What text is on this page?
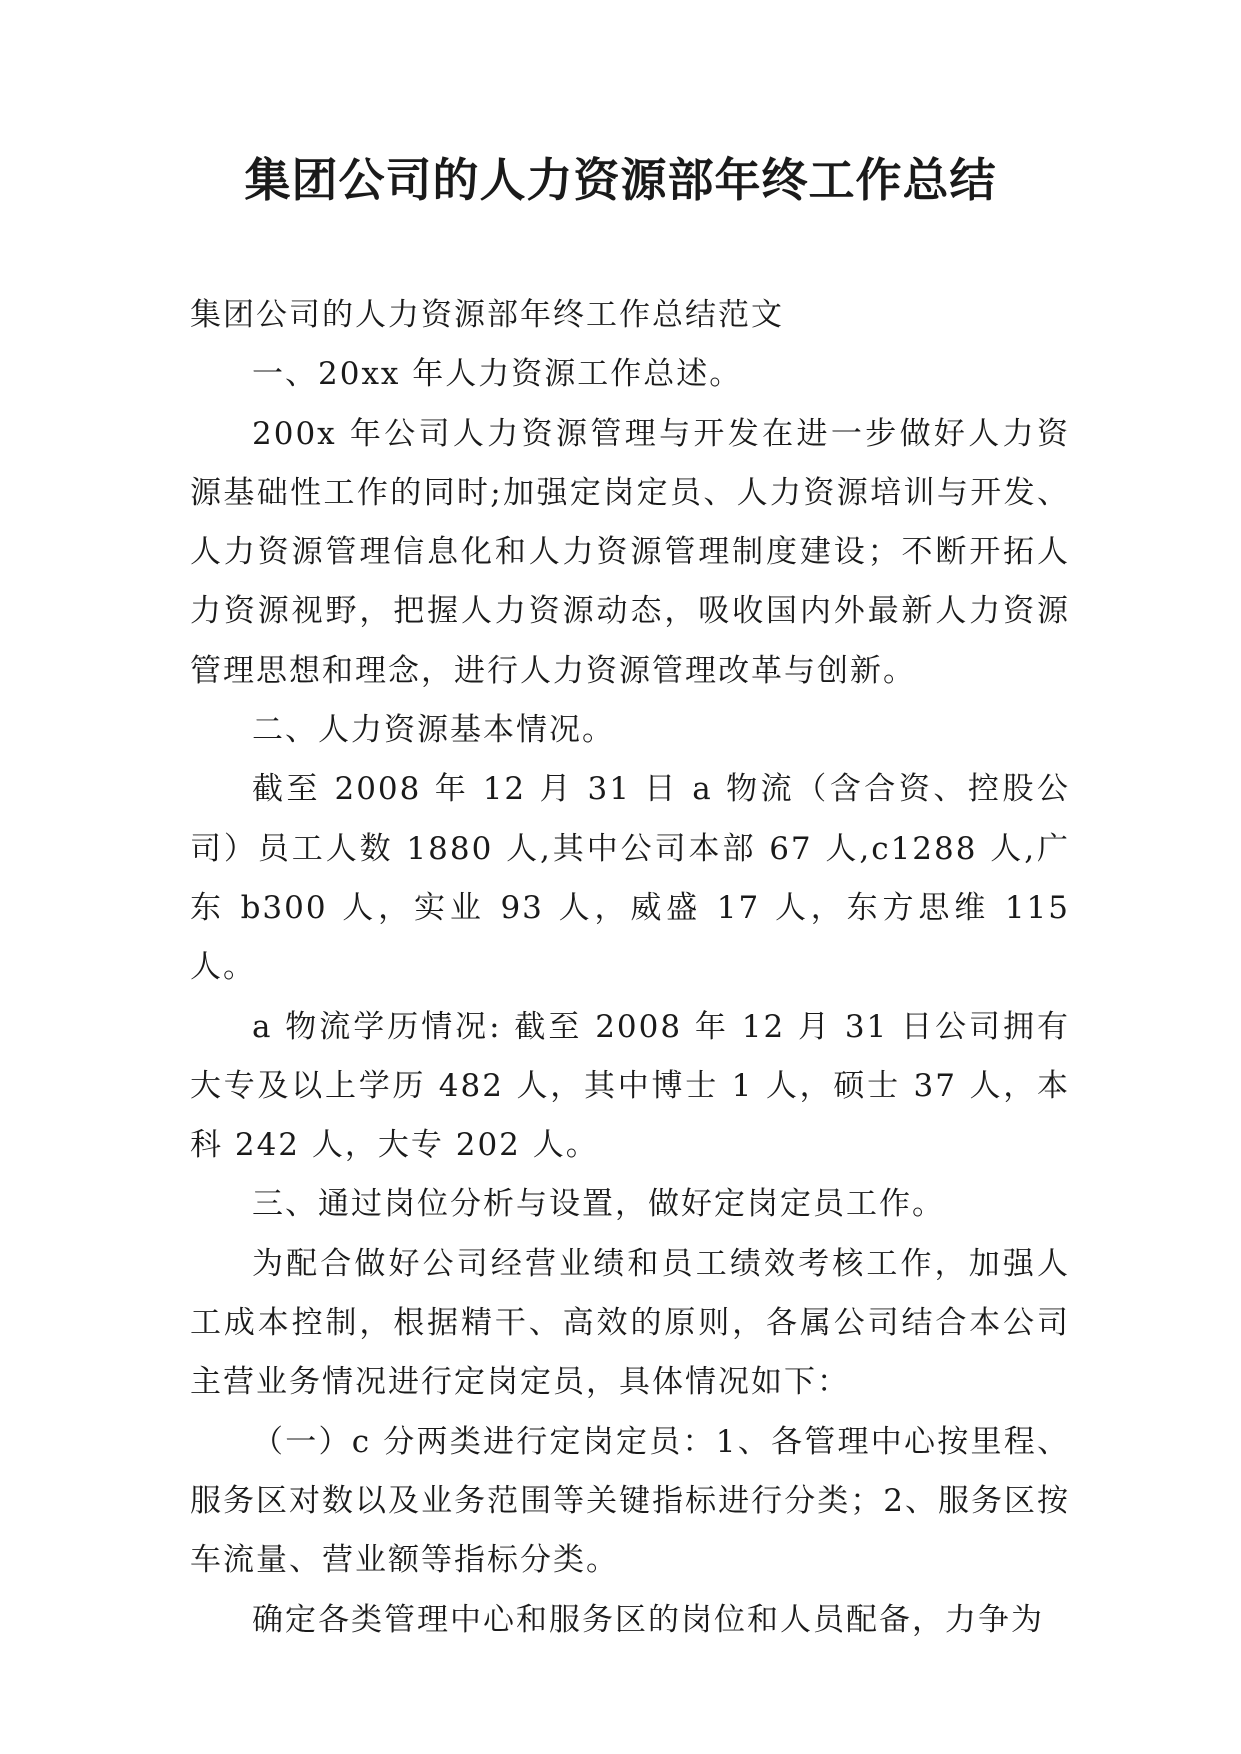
集团公司的人力资源部年终工作总结

集团公司的人力资源部年终工作总结范文

一、20xx 年人力资源工作总述。

200x 年公司人力资源管理与开发在进一步做好人力资源基础性工作的同时;加强定岗定员、人力资源培训与开发、人力资源管理信息化和人力资源管理制度建设；不断开拓人力资源视野，把握人力资源动态，吸收国内外最新人力资源管理思想和理念，进行人力资源管理改革与创新。

二、人力资源基本情况。

截至 2008 年 12 月 31 日 a 物流（含合资、控股公司）员工人数 1880 人,其中公司本部 67 人,c1288 人,广东 b300 人，实业 93 人，威盛 17 人，东方思维 115 人。

a 物流学历情况: 截至 2008 年 12 月 31 日公司拥有大专及以上学历 482 人，其中博士 1 人，硕士 37 人，本科 242 人，大专 202 人。

三、通过岗位分析与设置，做好定岗定员工作。

为配合做好公司经营业绩和员工绩效考核工作，加强人工成本控制，根据精干、高效的原则，各属公司结合本公司主营业务情况进行定岗定员，具体情况如下：

（一）c 分两类进行定岗定员：1、各管理中心按里程、服务区对数以及业务范围等关键指标进行分类；2、服务区按车流量、营业额等指标分类。

确定各类管理中心和服务区的岗位和人员配备，力争为
